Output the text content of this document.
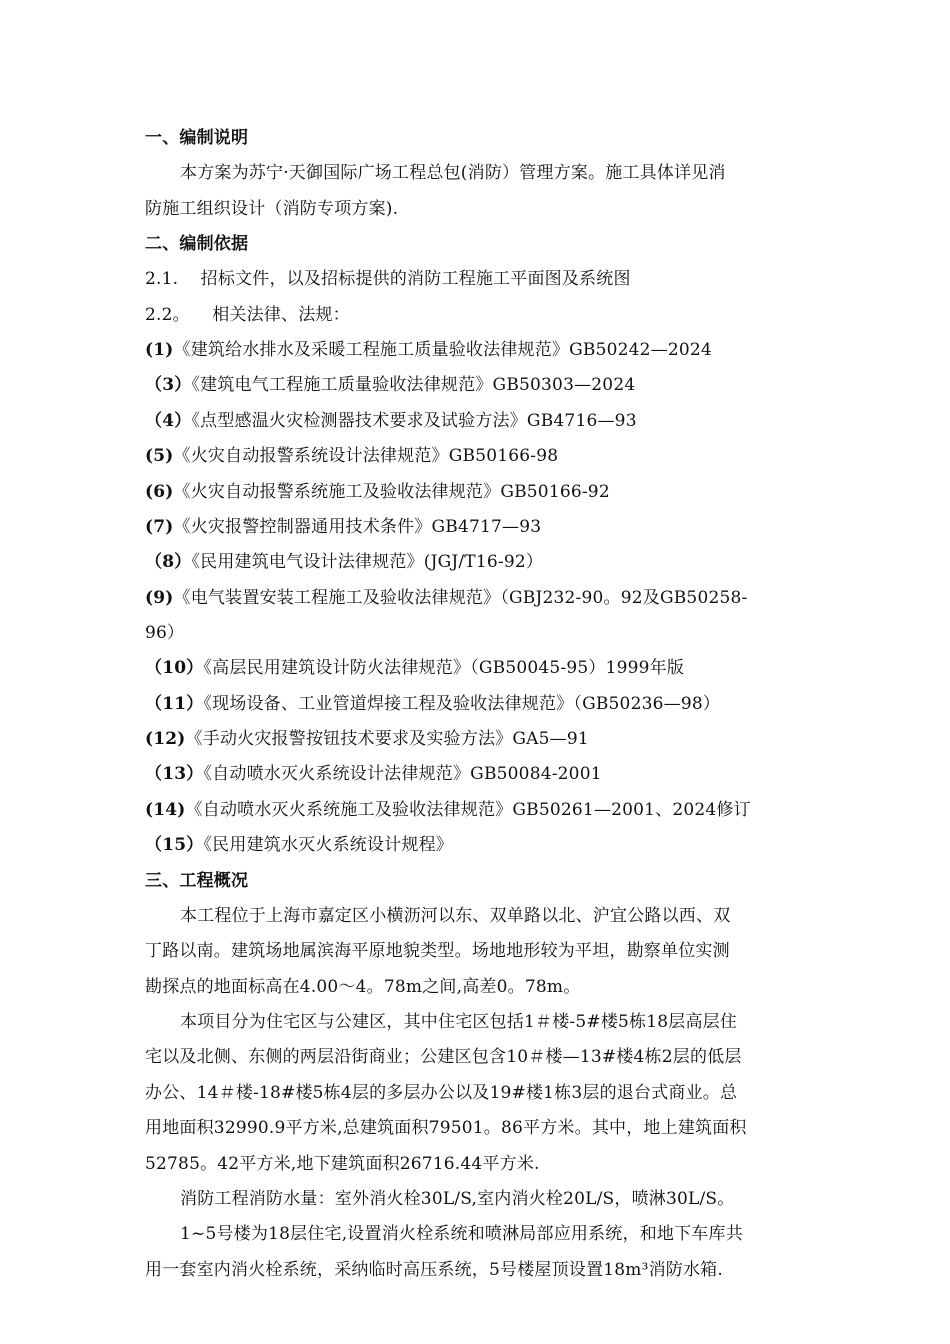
一、编制说明
本方案为苏宁·天御国际广场工程总包(消防）管理方案。施工具体详见消
防施工组织设计（消防专项方案).
二、编制依据
2.1.    招标文件，以及招标提供的消防工程施工平面图及系统图
2.2。    相关法律、法规：
(1)《建筑给水排水及采暖工程施工质量验收法律规范》GB50242—2024
（3）《建筑电气工程施工质量验收法律规范》GB50303—2024
（4）《点型感温火灾检测器技术要求及试验方法》GB4716—93
(5)《火灾自动报警系统设计法律规范》GB50166-98
(6)《火灾自动报警系统施工及验收法律规范》GB50166-92
(7)《火灾报警控制器通用技术条件》GB4717—93
（8）《民用建筑电气设计法律规范》(JGJ/T16-92）
(9)《电气装置安装工程施工及验收法律规范》（GBJ232-90。92及GB50258-
96）
（10）《高层民用建筑设计防火法律规范》（GB50045-95）1999年版
（11）《现场设备、工业管道焊接工程及验收法律规范》（GB50236—98）
(12)《手动火灾报警按钮技术要求及实验方法》GA5—91
（13）《自动喷水灭火系统设计法律规范》GB50084-2001
(14)《自动喷水灭火系统施工及验收法律规范》GB50261—2001、2024修订
（15）《民用建筑水灭火系统设计规程》
三、工程概况
本工程位于上海市嘉定区小横沥河以东、双单路以北、沪宜公路以西、双
丁路以南。建筑场地属滨海平原地貌类型。场地地形较为平坦，勘察单位实测
勘探点的地面标高在4.00～4。78m之间,高差0。78m。
本项目分为住宅区与公建区，其中住宅区包括1＃楼-5#楼5栋18层高层住
宅以及北侧、东侧的两层沿街商业；公建区包含10＃楼—13#楼4栋2层的低层
办公、14＃楼-18#楼5栋4层的多层办公以及19#楼1栋3层的退台式商业。总
用地面积32990.9平方米,总建筑面积79501。86平方米。其中，地上建筑面积
52785。42平方米,地下建筑面积26716.44平方米.
消防工程消防水量：室外消火栓30L/S,室内消火栓20L/S，喷淋30L/S。
1~5号楼为18层住宅,设置消火栓系统和喷淋局部应用系统，和地下车库共
用一套室内消火栓系统，采纳临时高压系统，5号楼屋顶设置18m³消防水箱.
